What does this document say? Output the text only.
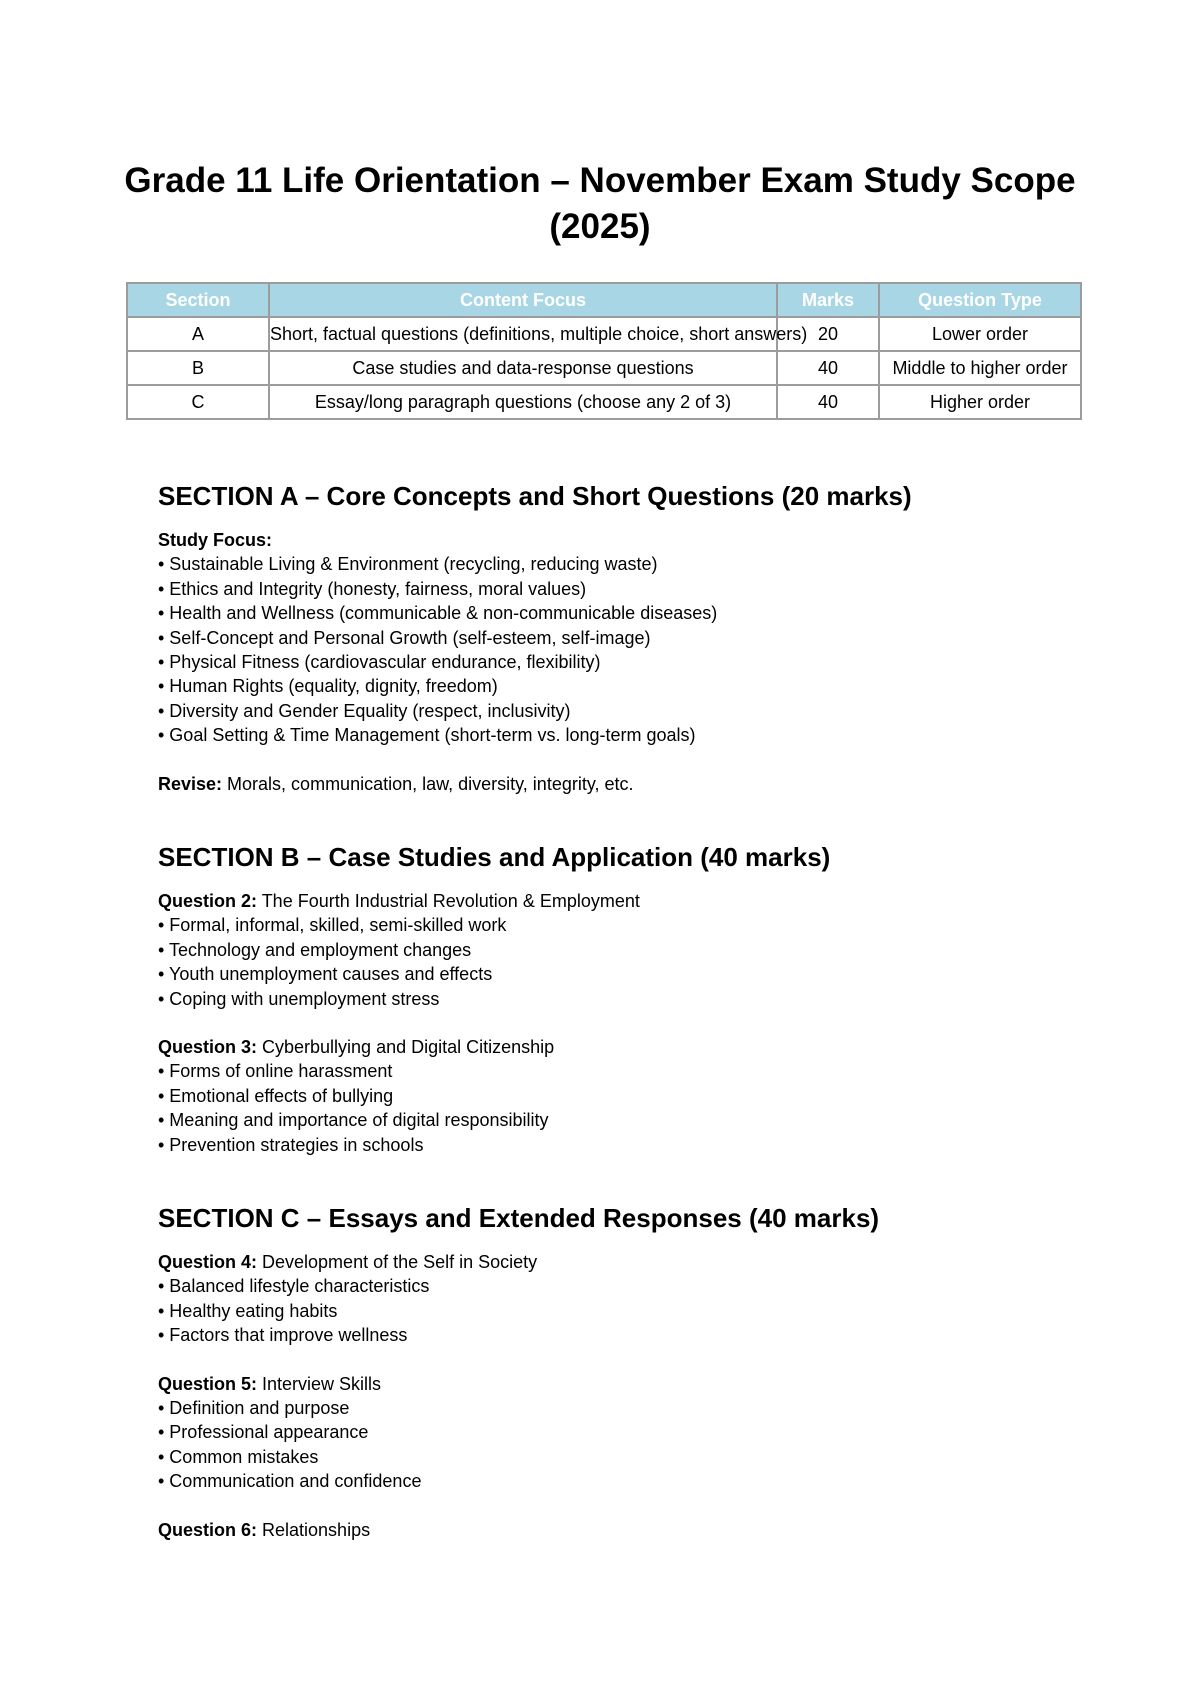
Grade 11 Life Orientation – November Exam Study Scope (2025)
Section	Content Focus	Marks	Question Type
A	Short, factual questions (definitions, multiple choice, short answers)	20	Lower order
B	Case studies and data-response questions	40	Middle to higher order
C	Essay/long paragraph questions (choose any 2 of 3)	40	Higher order
SECTION A – Core Concepts and Short Questions (20 marks)
Study Focus:
• Sustainable Living & Environment (recycling, reducing waste)
• Ethics and Integrity (honesty, fairness, moral values)
• Health and Wellness (communicable & non-communicable diseases)
• Self-Concept and Personal Growth (self-esteem, self-image)
• Physical Fitness (cardiovascular endurance, flexibility)
• Human Rights (equality, dignity, freedom)
• Diversity and Gender Equality (respect, inclusivity)
• Goal Setting & Time Management (short-term vs. long-term goals)
Revise: Morals, communication, law, diversity, integrity, etc.
SECTION B – Case Studies and Application (40 marks)
Question 2: The Fourth Industrial Revolution & Employment
• Formal, informal, skilled, semi-skilled work
• Technology and employment changes
• Youth unemployment causes and effects
• Coping with unemployment stress
Question 3: Cyberbullying and Digital Citizenship
• Forms of online harassment
• Emotional effects of bullying
• Meaning and importance of digital responsibility
• Prevention strategies in schools
SECTION C – Essays and Extended Responses (40 marks)
Question 4: Development of the Self in Society
• Balanced lifestyle characteristics
• Healthy eating habits
• Factors that improve wellness
Question 5: Interview Skills
• Definition and purpose
• Professional appearance
• Common mistakes
• Communication and confidence
Question 6: Relationships
